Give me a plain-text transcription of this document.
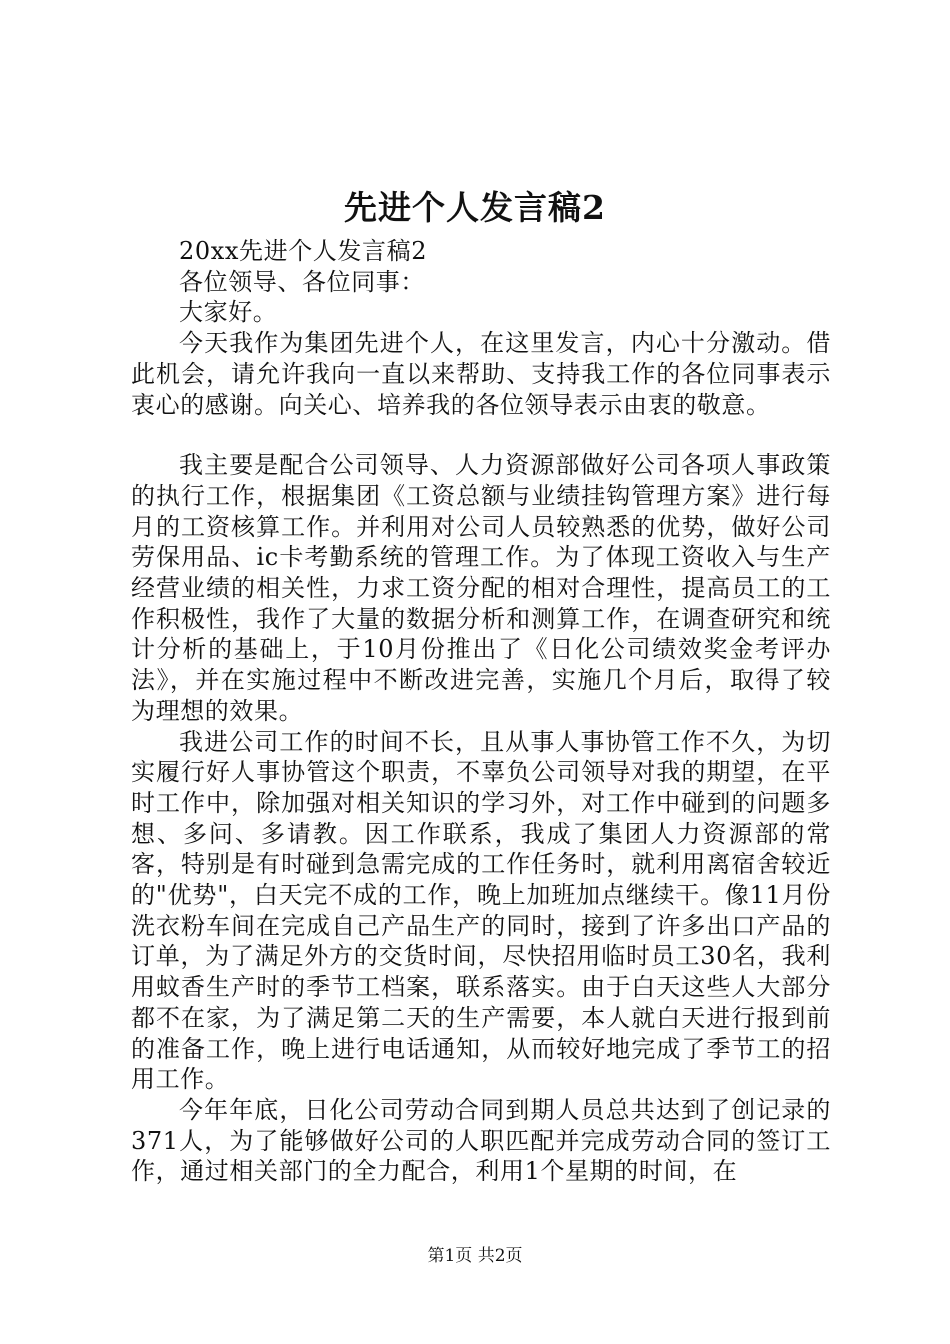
先进个人发言稿2

20xx先进个人发言稿2

各位领导、各位同事：

大家好。

今天我作为集团先进个人，在这里发言，内心十分激动。借此机会，请允许我向一直以来帮助、支持我工作的各位同事表示衷心的感谢。向关心、培养我的各位领导表示由衷的敬意。

我主要是配合公司领导、人力资源部做好公司各项人事政策的执行工作，根据集团《工资总额与业绩挂钩管理方案》进行每月的工资核算工作。并利用对公司人员较熟悉的优势，做好公司劳保用品、ic卡考勤系统的管理工作。为了体现工资收入与生产经营业绩的相关性，力求工资分配的相对合理性，提高员工的工作积极性，我作了大量的数据分析和测算工作，在调查研究和统计分析的基础上，于10月份推出了《日化公司绩效奖金考评办法》，并在实施过程中不断改进完善，实施几个月后，取得了较为理想的效果。

我进公司工作的时间不长，且从事人事协管工作不久，为切实履行好人事协管这个职责，不辜负公司领导对我的期望，在平时工作中，除加强对相关知识的学习外，对工作中碰到的问题多想、多问、多请教。因工作联系，我成了集团人力资源部的常客，特别是有时碰到急需完成的工作任务时，就利用离宿舍较近的"优势"，白天完不成的工作，晚上加班加点继续干。像11月份洗衣粉车间在完成自己产品生产的同时，接到了许多出口产品的订单，为了满足外方的交货时间，尽快招用临时员工30名，我利用蚊香生产时的季节工档案，联系落实。由于白天这些人大部分都不在家，为了满足第二天的生产需要，本人就白天进行报到前的准备工作，晚上进行电话通知，从而较好地完成了季节工的招用工作。

今年年底，日化公司劳动合同到期人员总共达到了创记录的371人，为了能够做好公司的人职匹配并完成劳动合同的签订工作，通过相关部门的全力配合，利用1个星期的时间，在

第1页 共2页
